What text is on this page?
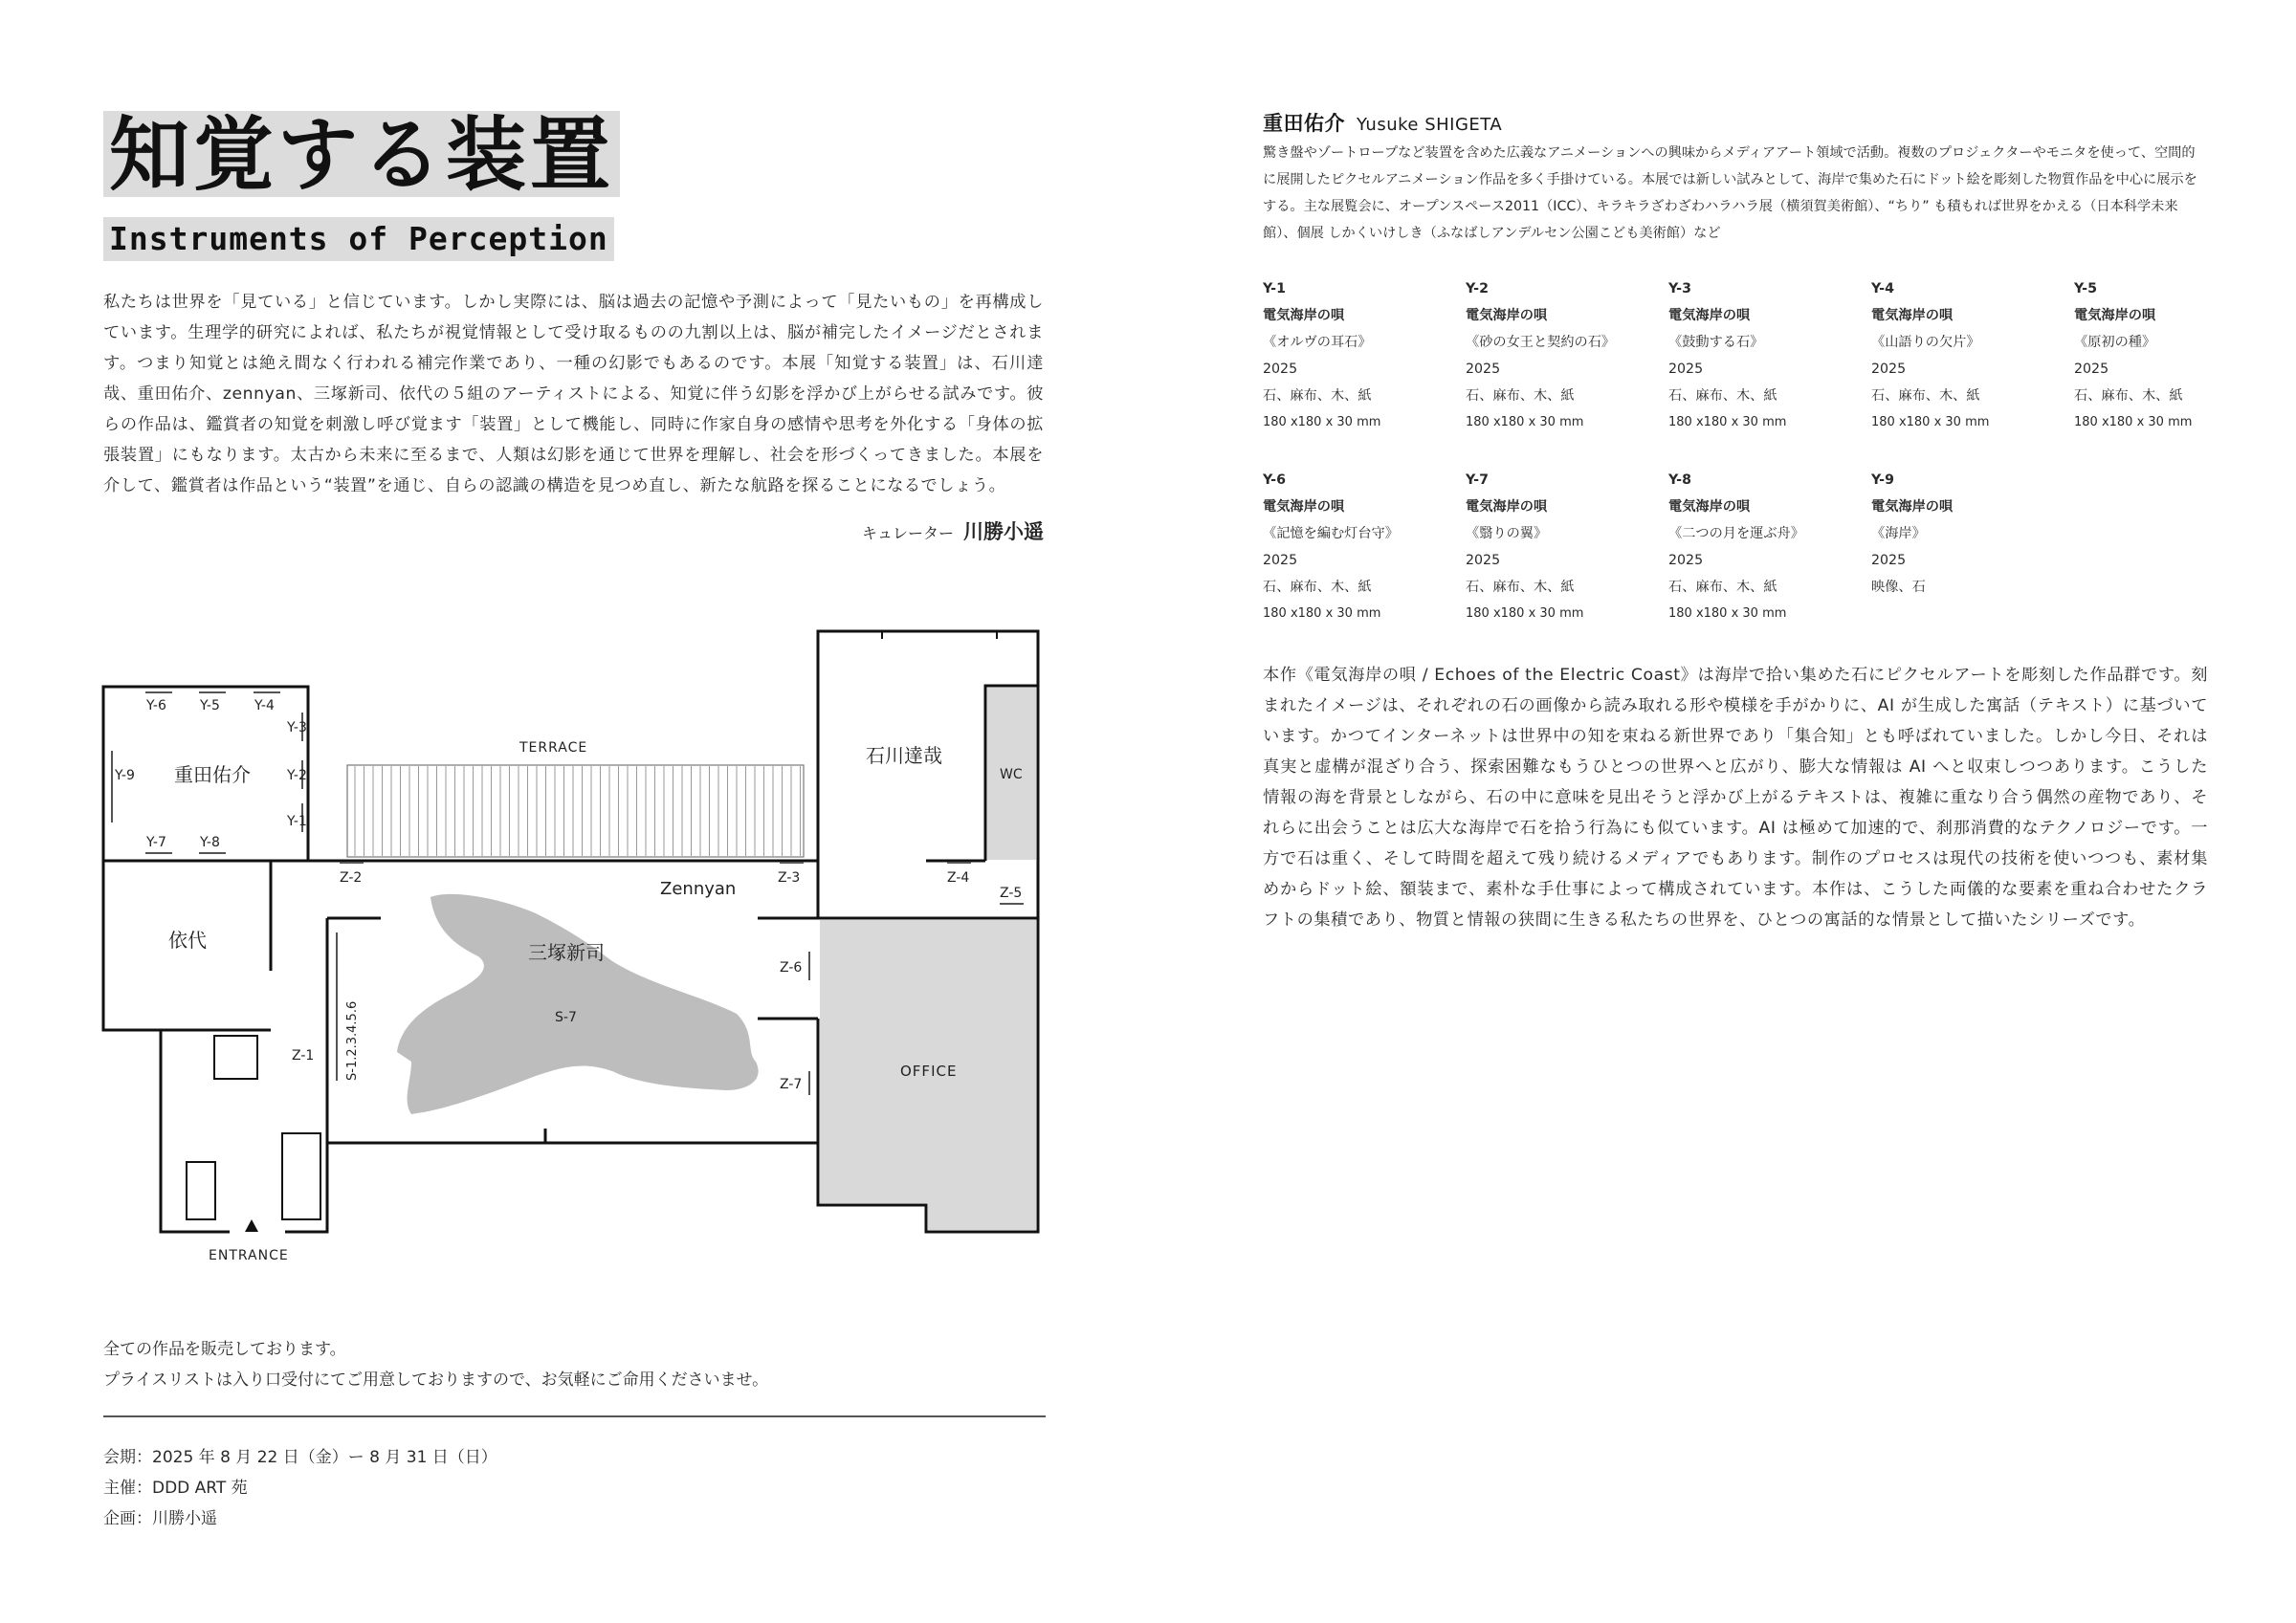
知覚する装置
Instruments of Perception
私たちは世界を「見ている」と信じています。しかし実際には、脳は過去の記憶や予測によって「見たいもの」を再構成しています。生理学的研究によれば、私たちが視覚情報として受け取るものの九割以上は、脳が補完したイメージだとされます。つまり知覚とは絶え間なく行われる補完作業であり、一種の幻影でもあるのです。本展「知覚する装置」は、石川達哉、重田佑介、zennyan、三塚新司、依代の５組のアーティストによる、知覚に伴う幻影を浮かび上がらせる試みです。彼らの作品は、鑑賞者の知覚を刺激し呼び覚ます「装置」として機能し、同時に作家自身の感情や思考を外化する「身体の拡張装置」にもなります。太古から未来に至るまで、人類は幻影を通じて世界を理解し、社会を形づくってきました。本展を介して、鑑賞者は作品という“装置”を通じ、自らの認識の構造を見つめ直し、新たな航路を探ることになるでしょう。
キュレーター 川勝小遥
Y-6	Y-5	Y-4
Y-3
Y-2
Y-1
Y-9
Y-7	Y-8
重田佑介
依代
石川達哉
WC
TERRACE
Zennyan
三塚新司
S-7
S-1.2.3.4.5.6	OFFICE
ENTRANCE
Z-1
Z-2	Z-3	Z-4
Z-5
Z-6
Z-7
全ての作品を販売しております。
プライスリストは入り口受付にてご用意しておりますので、お気軽にご命用くださいませ。
会期：2025 年 8 月 22 日（金）ー 8 月 31 日（日）
主催：DDD ART 苑
企画：川勝小遥
重田佑介 Yusuke SHIGETA
驚き盤やゾートロープなど装置を含めた広義なアニメーションへの興味からメディアアート領域で活動。複数のプロジェクターやモニタを使って、空間的に展開したピクセルアニメーション作品を多く手掛けている。本展では新しい試みとして、海岸で集めた石にドット絵を彫刻した物質作品を中心に展示をする。主な展覧会に、オープンスペース2011（ICC）、キラキラざわざわハラハラ展（横須賀美術館）、“ちり” も積もれば世界をかえる（日本科学未来館）、個展 しかくいけしき（ふなばしアンデルセン公園こども美術館）など
Y-1
電気海岸の唄
《オルヴの耳石》
2025
石、麻布、木、紙
180 x180 x 30 mm
Y-2
電気海岸の唄
《砂の女王と契約の石》
2025
石、麻布、木、紙
180 x180 x 30 mm
Y-3
電気海岸の唄
《鼓動する石》
2025
石、麻布、木、紙
180 x180 x 30 mm
Y-4
電気海岸の唄
《山語りの欠片》
2025
石、麻布、木、紙
180 x180 x 30 mm
Y-5
電気海岸の唄
《原初の種》
2025
石、麻布、木、紙
180 x180 x 30 mm
Y-6
電気海岸の唄
《記憶を編む灯台守》
2025
石、麻布、木、紙
180 x180 x 30 mm
Y-7
電気海岸の唄
《翳りの翼》
2025
石、麻布、木、紙
180 x180 x 30 mm
Y-8
電気海岸の唄
《二つの月を運ぶ舟》
2025
石、麻布、木、紙
180 x180 x 30 mm
Y-9
電気海岸の唄
《海岸》
2025
映像、石
本作《電気海岸の唄 / Echoes of the Electric Coast》は海岸で拾い集めた石にピクセルアートを彫刻した作品群です。刻まれたイメージは、それぞれの石の画像から読み取れる形や模様を手がかりに、AI が生成した寓話（テキスト）に基づいています。かつてインターネットは世界中の知を束ねる新世界であり「集合知」とも呼ばれていました。しかし今日、それは真実と虚構が混ざり合う、探索困難なもうひとつの世界へと広がり、膨大な情報は AI へと収束しつつあります。こうした情報の海を背景としながら、石の中に意味を見出そうと浮かび上がるテキストは、複雑に重なり合う偶然の産物であり、それらに出会うことは広大な海岸で石を拾う行為にも似ています。AI は極めて加速的で、刹那消費的なテクノロジーです。一方で石は重く、そして時間を超えて残り続けるメディアでもあります。制作のプロセスは現代の技術を使いつつも、素材集めからドット絵、額装まで、素朴な手仕事によって構成されています。本作は、こうした両儀的な要素を重ね合わせたクラフトの集積であり、物質と情報の狭間に生きる私たちの世界を、ひとつの寓話的な情景として描いたシリーズです。
